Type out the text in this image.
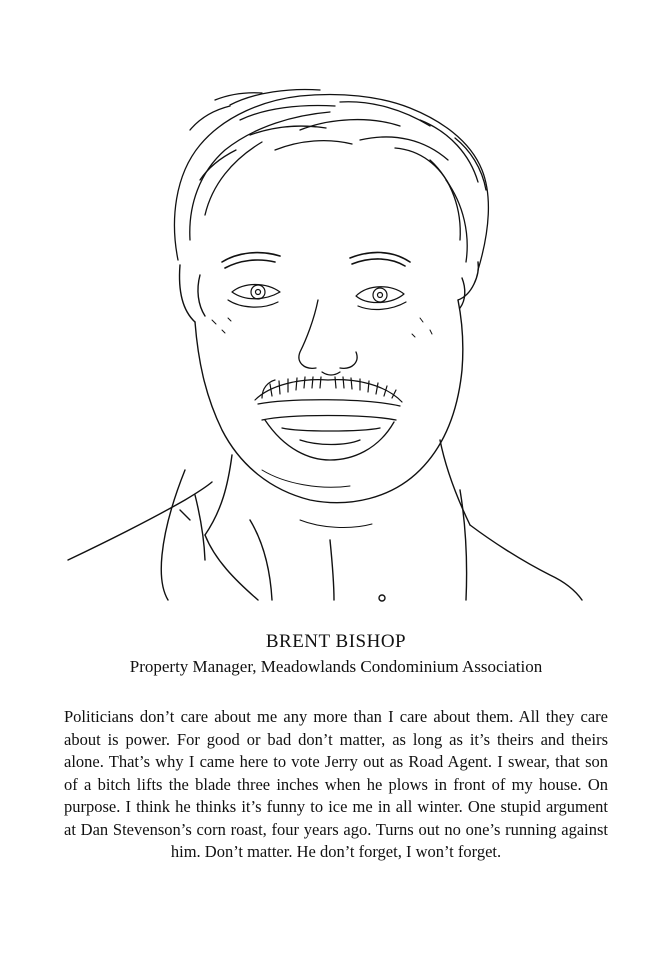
BRENT BISHOP

Property Manager, Meadowlands Condominium Association

Politicians don’t care about me any more than I care about them. All they care about is power. For good or bad don’t matter, as long as it’s theirs and theirs alone. That’s why I came here to vote Jerry out as Road Agent. I swear, that son of a bitch lifts the blade three inches when he plows in front of my house. On purpose. I think he thinks it’s funny to ice me in all winter. One stupid argument at Dan Stevenson’s corn roast, four years ago. Turns out no one’s running against him. Don’t matter. He don’t forget, I won’t forget.
